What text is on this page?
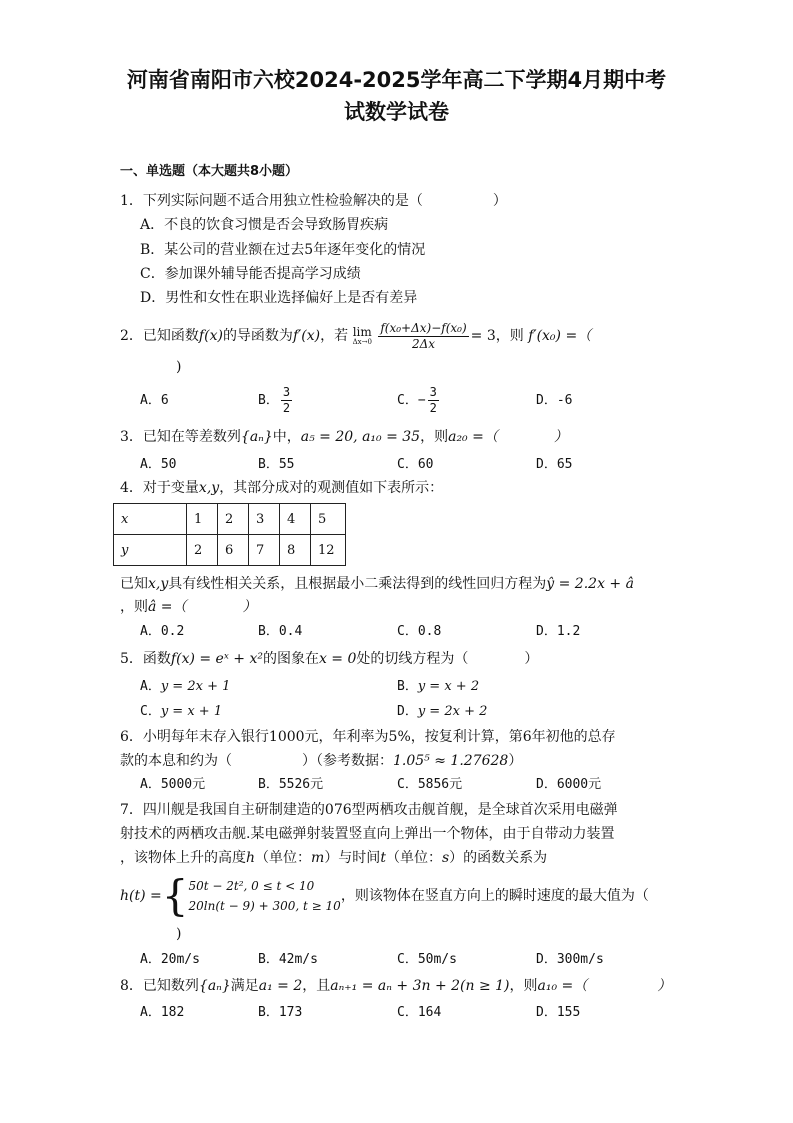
河南省南阳市六校2024-2025学年高二下学期4月期中考
试数学试卷
一、单选题（本大题共8小题）
1．下列实际问题不适合用独立性检验解决的是（　　　　　）
A．不良的饮食习惯是否会导致肠胃疾病
B．某公司的营业额在过去5年逐年变化的情况
C．参加课外辅导能否提高学习成绩
D．男性和女性在职业选择偏好上是否有差异
2．已知函数f(x)的导函数为f′(x)，若 lim
Δx→0
$\frac{\text{f(x₀+Δx)−f(x₀)}}{2\Delta x} = 3$，则 f′(x₀) =（
)
A．6	B． $\frac{3}{2}$	C．− $\frac{3}{2}$	D．-6
3．已知在等差数列{aₙ}中，a₅ = 20, a₁₀ = 35，则a₂₀ =（　　　　）
A．50	B．55	C．60	D．65
4．对于变量x,y，其部分成对的观测值如下表所示：
x	1	2	3	4	5
y	2	6	7	8	12
已知x,y具有线性相关关系，且根据最小二乘法得到的线性回归方程为ŷ = 2.2x + â
，则â =（　　　　）
A．0.2	B．0.4	C．0.8	D．1.2
5．函数f(x) = eˣ + x²的图象在x = 0处的切线方程为（　　　　）
A．y = 2x + 1	B．y = x + 2
C．y = x + 1	D．y = 2x + 2
6．小明每年末存入银行1000元，年利率为5%，按复利计算，第6年初他的总存
款的本息和约为（　　　　　）（参考数据：1.05⁵ ≈ 1.27628）
A．5000元	B．5526元	C．5856元	D．6000元
7．四川舰是我国自主研制建造的076型两栖攻击舰首舰，是全球首次采用电磁弹
射技术的两栖攻击舰.某电磁弹射装置竖直向上弹出一个物体，由于自带动力装置
，该物体上升的高度h（单位：m）与时间t（单位：s）的函数关系为
h(t) ={ 50t − 2t², 0 ≤ t < 10
20ln(t − 9) + 300, t ≥ 10
，则该物体在竖直方向上的瞬时速度的最大值为（
)
A．20m/s	B．42m/s	C．50m/s	D．300m/s
8．已知数列{aₙ}满足a₁ = 2，且aₙ₊₁ = aₙ + 3n + 2(n ≥ 1)，则a₁₀ =（　　　　　）
A．182	B．173	C．164	D．155
